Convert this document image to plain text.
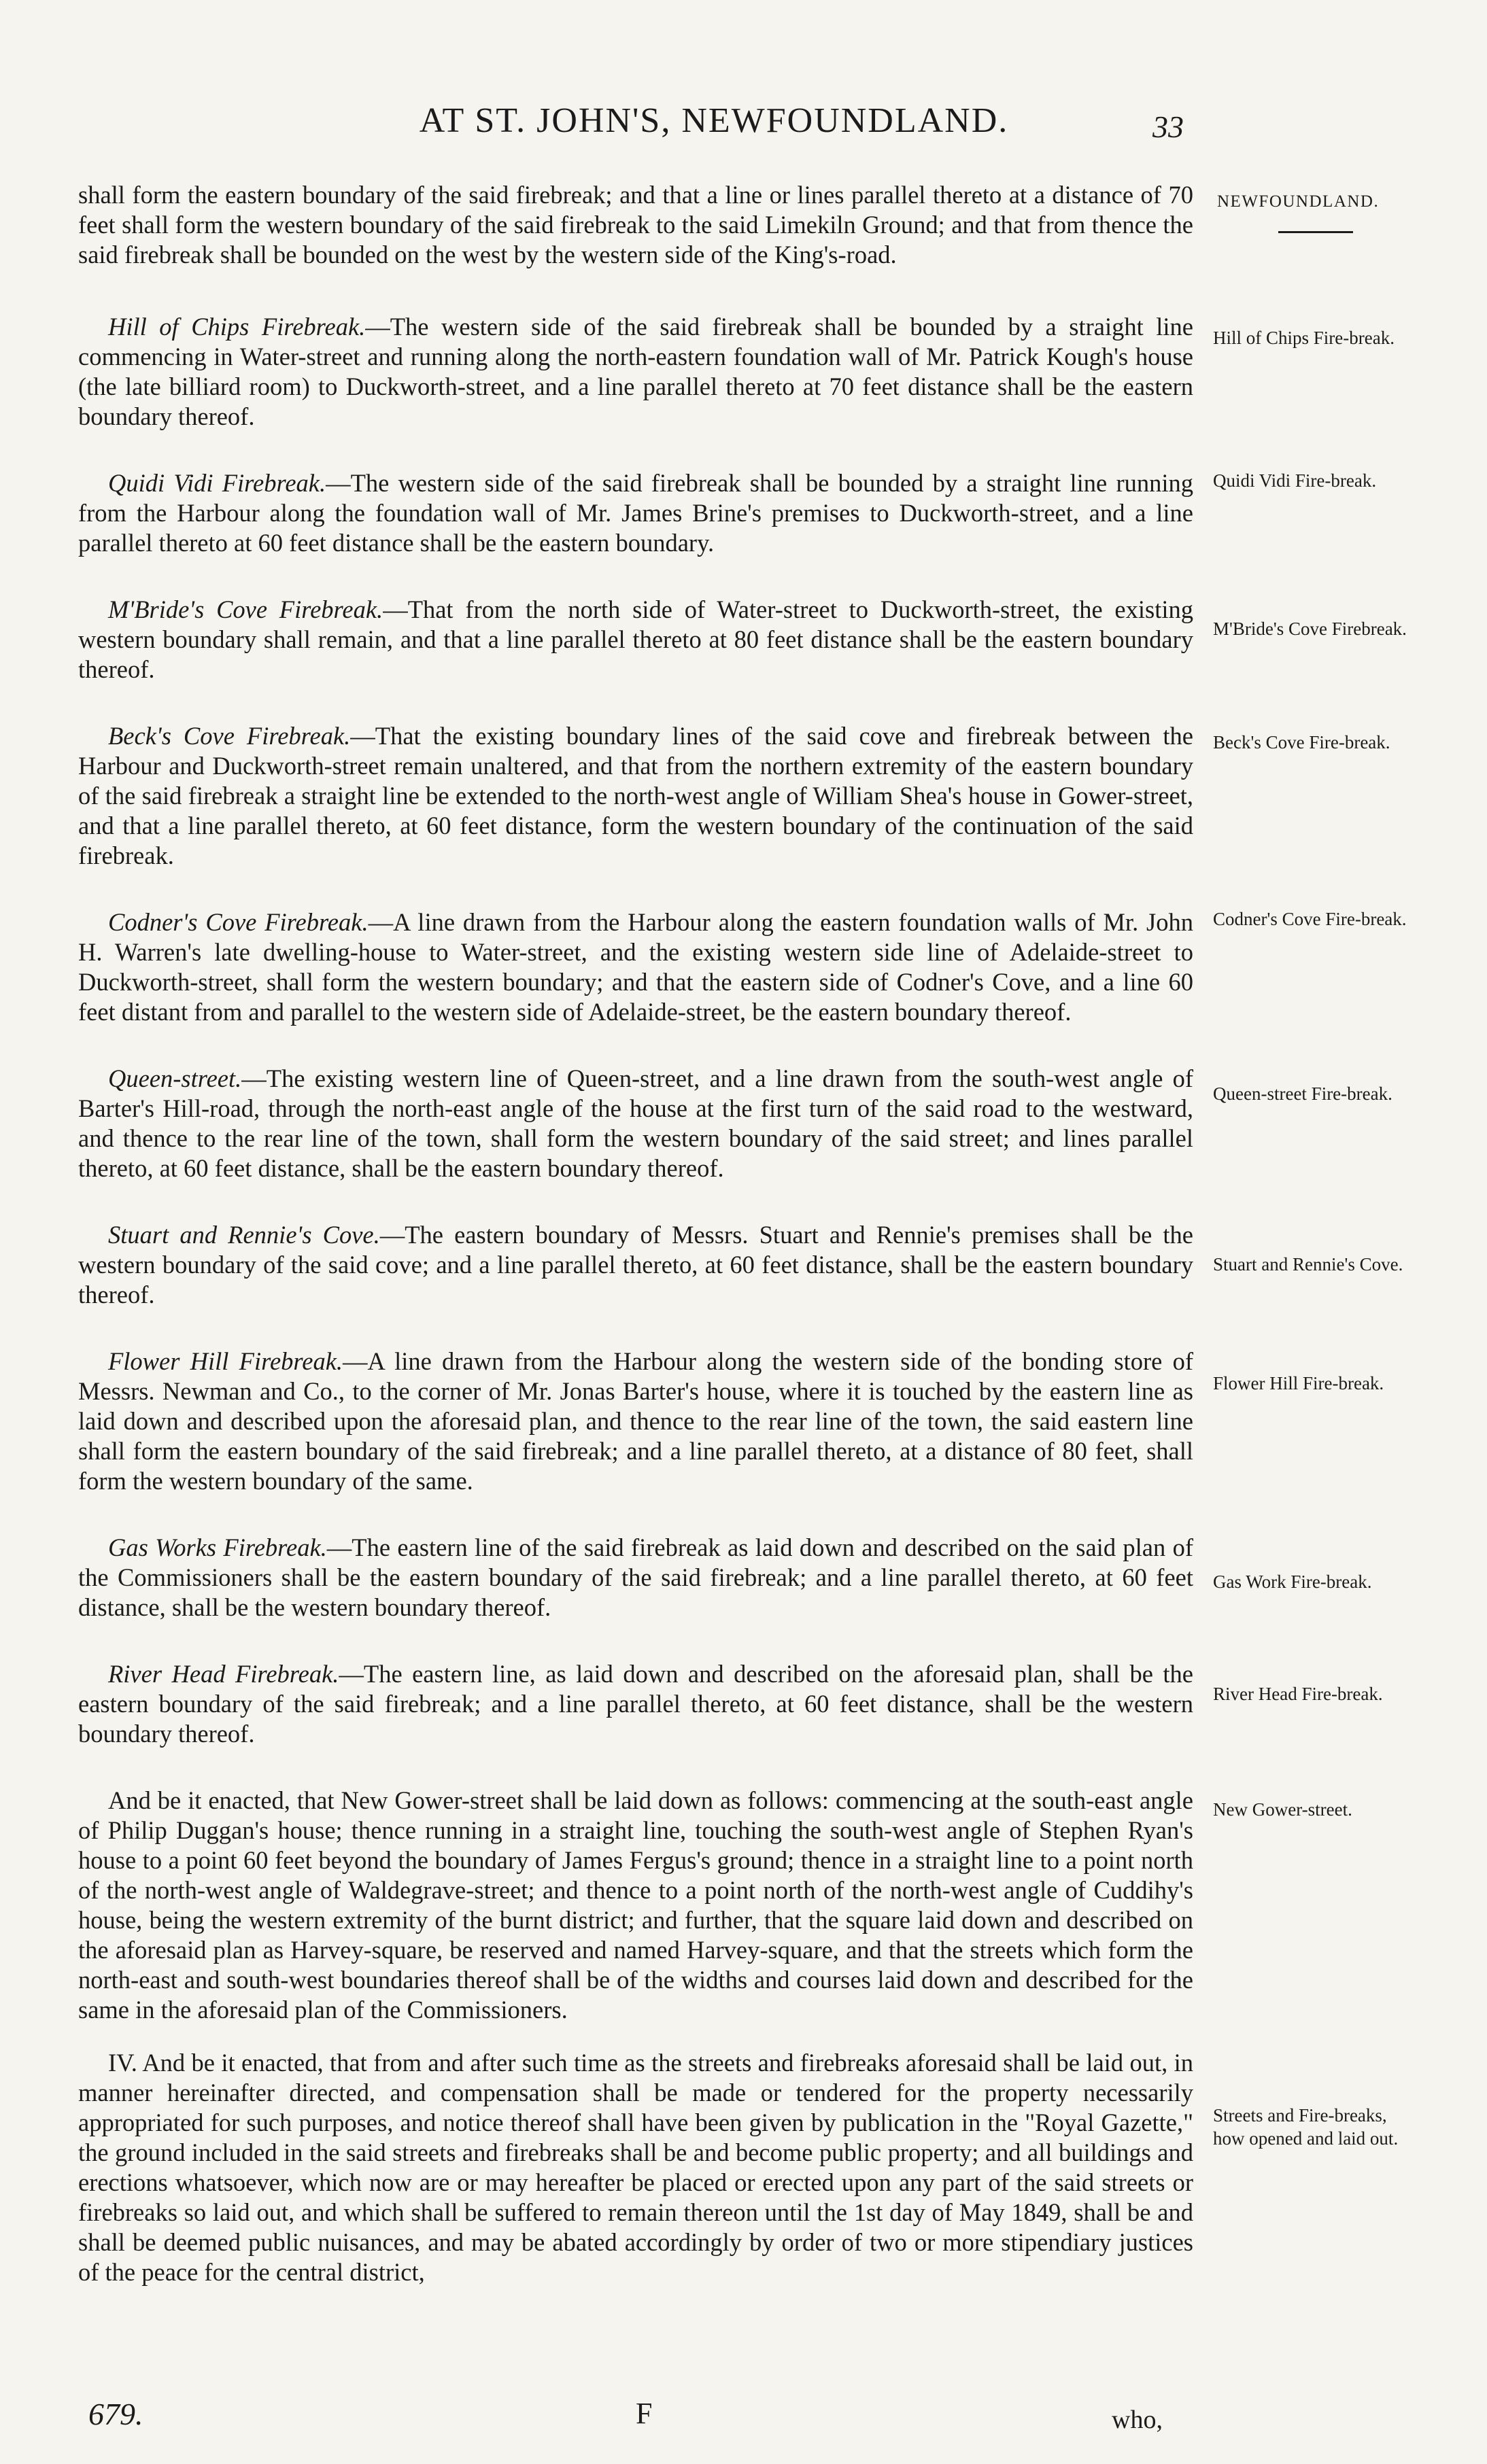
AT ST. JOHN'S, NEWFOUNDLAND.	33

shall form the eastern boundary of the said firebreak; and that a line or lines parallel thereto at a distance of 70 feet shall form the western boundary of the said firebreak to the said Limekiln Ground; and that from thence the said firebreak shall be bounded on the west by the western side of the King's-road.

Hill of Chips Firebreak.—The western side of the said firebreak shall be bounded by a straight line commencing in Water-street and running along the north-eastern foundation wall of Mr. Patrick Kough's house (the late billiard room) to Duckworth-street, and a line parallel thereto at 70 feet distance shall be the eastern boundary thereof.

Quidi Vidi Firebreak.—The western side of the said firebreak shall be bounded by a straight line running from the Harbour along the foundation wall of Mr. James Brine's premises to Duckworth-street, and a line parallel thereto at 60 feet distance shall be the eastern boundary.

M'Bride's Cove Firebreak.—That from the north side of Water-street to Duckworth-street, the existing western boundary shall remain, and that a line parallel thereto at 80 feet distance shall be the eastern boundary thereof.

Beck's Cove Firebreak.—That the existing boundary lines of the said cove and firebreak between the Harbour and Duckworth-street remain unaltered, and that from the northern extremity of the eastern boundary of the said firebreak a straight line be extended to the north-west angle of William Shea's house in Gower-street, and that a line parallel thereto, at 60 feet distance, form the western boundary of the continuation of the said firebreak.

Codner's Cove Firebreak.—A line drawn from the Harbour along the eastern foundation walls of Mr. John H. Warren's late dwelling-house to Water-street, and the existing western side line of Adelaide-street to Duckworth-street, shall form the western boundary; and that the eastern side of Codner's Cove, and a line 60 feet distant from and parallel to the western side of Adelaide-street, be the eastern boundary thereof.

Queen-street.—The existing western line of Queen-street, and a line drawn from the south-west angle of Barter's Hill-road, through the north-east angle of the house at the first turn of the said road to the westward, and thence to the rear line of the town, shall form the western boundary of the said street; and lines parallel thereto, at 60 feet distance, shall be the eastern boundary thereof.

Stuart and Rennie's Cove.—The eastern boundary of Messrs. Stuart and Rennie's premises shall be the western boundary of the said cove; and a line parallel thereto, at 60 feet distance, shall be the eastern boundary thereof.

Flower Hill Firebreak.—A line drawn from the Harbour along the western side of the bonding store of Messrs. Newman and Co., to the corner of Mr. Jonas Barter's house, where it is touched by the eastern line as laid down and described upon the aforesaid plan, and thence to the rear line of the town, the said eastern line shall form the eastern boundary of the said firebreak; and a line parallel thereto, at a distance of 80 feet, shall form the western boundary of the same.

Gas Works Firebreak.—The eastern line of the said firebreak as laid down and described on the said plan of the Commissioners shall be the eastern boundary of the said firebreak; and a line parallel thereto, at 60 feet distance, shall be the western boundary thereof.

River Head Firebreak.—The eastern line, as laid down and described on the aforesaid plan, shall be the eastern boundary of the said firebreak; and a line parallel thereto, at 60 feet distance, shall be the western boundary thereof.

And be it enacted, that New Gower-street shall be laid down as follows: commencing at the south-east angle of Philip Duggan's house; thence running in a straight line, touching the south-west angle of Stephen Ryan's house to a point 60 feet beyond the boundary of James Fergus's ground; thence in a straight line to a point north of the north-west angle of Waldegrave-street; and thence to a point north of the north-west angle of Cuddihy's house, being the western extremity of the burnt district; and further, that the square laid down and described on the aforesaid plan as Harvey-square, be reserved and named Harvey-square, and that the streets which form the north-east and south-west boundaries thereof shall be of the widths and courses laid down and described for the same in the aforesaid plan of the Commissioners.

IV. And be it enacted, that from and after such time as the streets and firebreaks aforesaid shall be laid out, in manner hereinafter directed, and compensation shall be made or tendered for the property necessarily appropriated for such purposes, and notice thereof shall have been given by publication in the "Royal Gazette," the ground included in the said streets and firebreaks shall be and become public property; and all buildings and erections whatsoever, which now are or may hereafter be placed or erected upon any part of the said streets or firebreaks so laid out, and which shall be suffered to remain thereon until the 1st day of May 1849, shall be and shall be deemed public nuisances, and may be abated accordingly by order of two or more stipendiary justices of the peace for the central district,

NEWFOUNDLAND.
Hill of Chips Fire-break.
Quidi Vidi Fire-break.
M'Bride's Cove Firebreak.
Beck's Cove Fire-break.
Codner's Cove Fire-break.
Queen-street Fire-break.
Stuart and Rennie's Cove.
Flower Hill Fire-break.
Gas Work Fire-break.
River Head Fire-break.
New Gower-street.
Streets and Fire-breaks, how opened and laid out.
679.	F	who,
